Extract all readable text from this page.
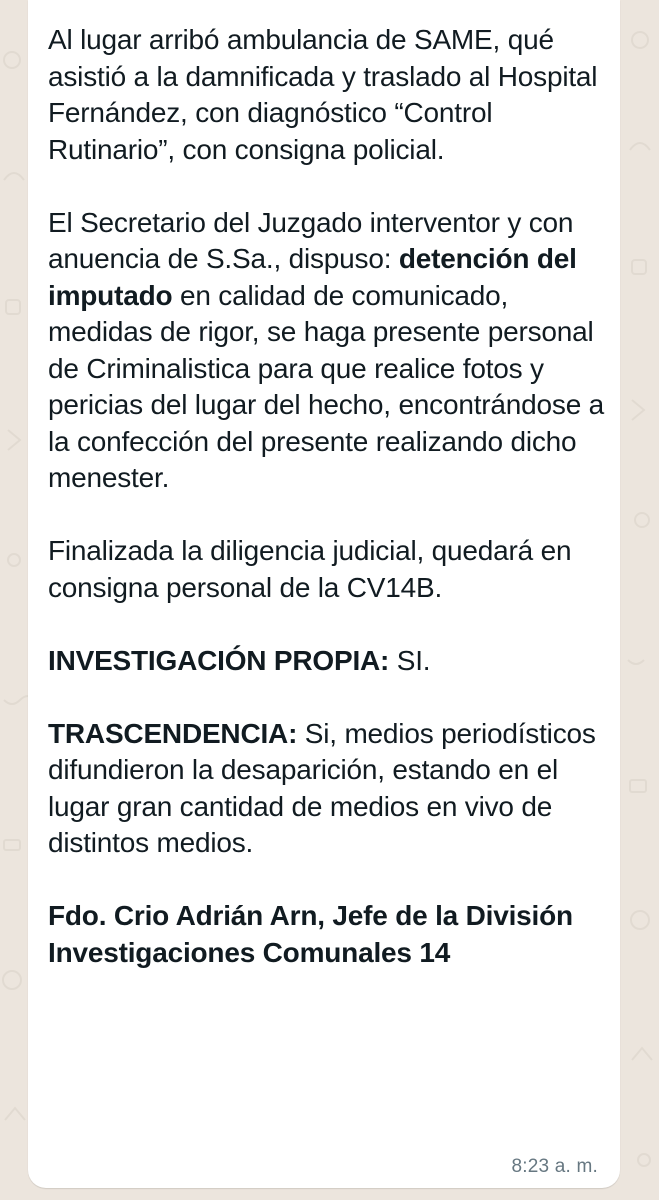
Al lugar arribó ambulancia de SAME, qué asistió a la damnificada y traslado al Hospital Fernández, con diagnóstico “Control Rutinario”, con consigna policial.

El Secretario del Juzgado interventor y con anuencia de S.Sa., dispuso: detención del imputado en calidad de comunicado, medidas de rigor, se haga presente personal de Criminalistica para que realice fotos y pericias del lugar del hecho, encontrándose a la confección del presente realizando dicho menester.

Finalizada la diligencia judicial, quedará en consigna personal de la CV14B.

INVESTIGACIÓN PROPIA: SI.

TRASCENDENCIA: Si, medios periodísticos difundieron la desaparición, estando en el lugar gran cantidad de medios en vivo de distintos medios.

Fdo. Crio Adrián Arn, Jefe de la División Investigaciones Comunales 14

8:23 a. m.
